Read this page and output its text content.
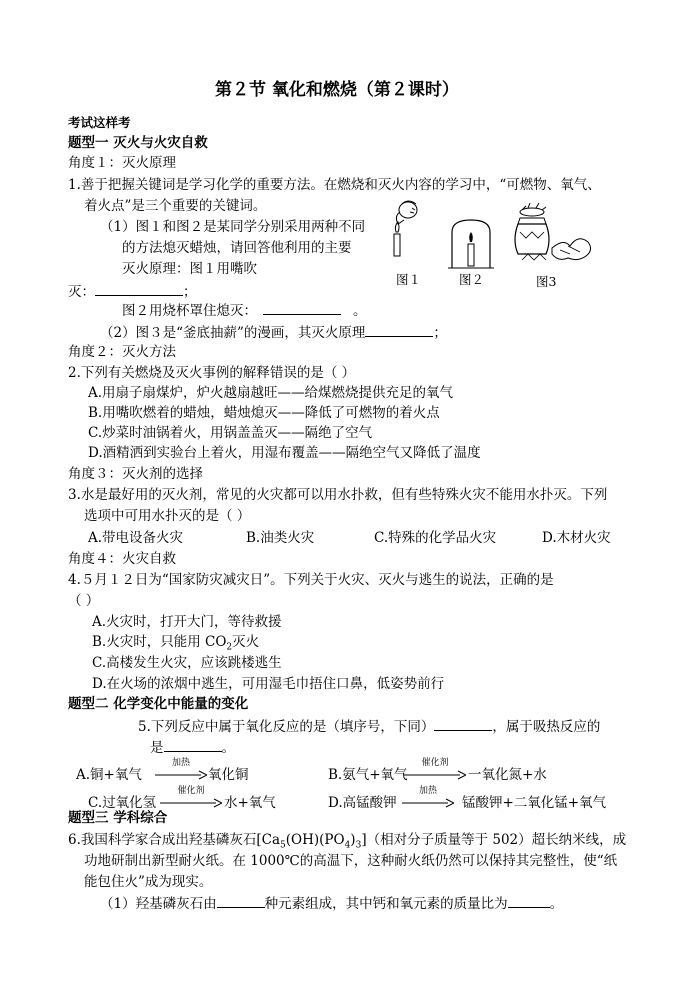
第２节 氧化和燃烧（第２课时）
考试这样考
题型一 灭火与火灾自救
角度１：灭火原理
1.善于把握关键词是学习化学的重要方法。在燃烧和灭火内容的学习中，“可燃物、氧气、
着火点”是三个重要的关键词。
（1）图１和图２是某同学分别采用两种不同
的方法熄灭蜡烛，请回答他利用的主要
灭火原理：图１用嘴吹
灭：	；
图２用烧杯罩住熄灭：	。
（2）图３是“釜底抽薪”的漫画，其灭火原理	；
图１	图２	图3
角度２：灭火方法
2.下列有关燃烧及灭火事例的解释错误的是（ ）
A.用扇子扇煤炉，炉火越扇越旺——给煤燃烧提供充足的氧气
B.用嘴吹燃着的蜡烛，蜡烛熄灭——降低了可燃物的着火点
C.炒菜时油锅着火，用锅盖盖灭——隔绝了空气
D.酒精洒到实验台上着火，用湿布覆盖——隔绝空气又降低了温度
角度３：灭火剂的选择
3.水是最好用的灭火剂，常见的火灾都可以用水扑救，但有些特殊火灾不能用水扑灭。下列
选项中可用水扑灭的是（ ）
A.带电设备火灾	B.油类火灾	C.特殊的化学品火灾	D.木材火灾
角度４：火灾自救
4.５月１２日为“国家防灾减灾日”。下列关于火灾、灭火与逃生的说法，正确的是
（ ）
A.火灾时，打开大门，等待救援
B.火灾时，只能用 $CO_2$灭火
C.高楼发生火灾，应该跳楼逃生
D.在火场的浓烟中逃生，可用湿毛巾捂住口鼻，低姿势前行
题型二 化学变化中能量的变化
5.下列反应中属于氧化反应的是（填序号，下同）	，属于吸热反应的
是	。
A.铜+氧气
加热
氧化铜	B.氨气+氧气
催化剂
一氧化氮+水
C.过氧化氢
催化剂
水+氧气	D.高锰酸钾
加热
锰酸钾+二氧化锰+氧气
题型三 学科综合
6.我国科学家合成出羟基磷灰石$[Ca_5(OH)(PO_4)_3]$（相对分子质量等于 502）超长纳米线，成
功地研制出新型耐火纸。在 1000℃的高温下，这种耐火纸仍然可以保持其完整性，使“纸
能包住火”成为现实。
（1）羟基磷灰石由	种元素组成，其中钙和氧元素的质量比为	。
